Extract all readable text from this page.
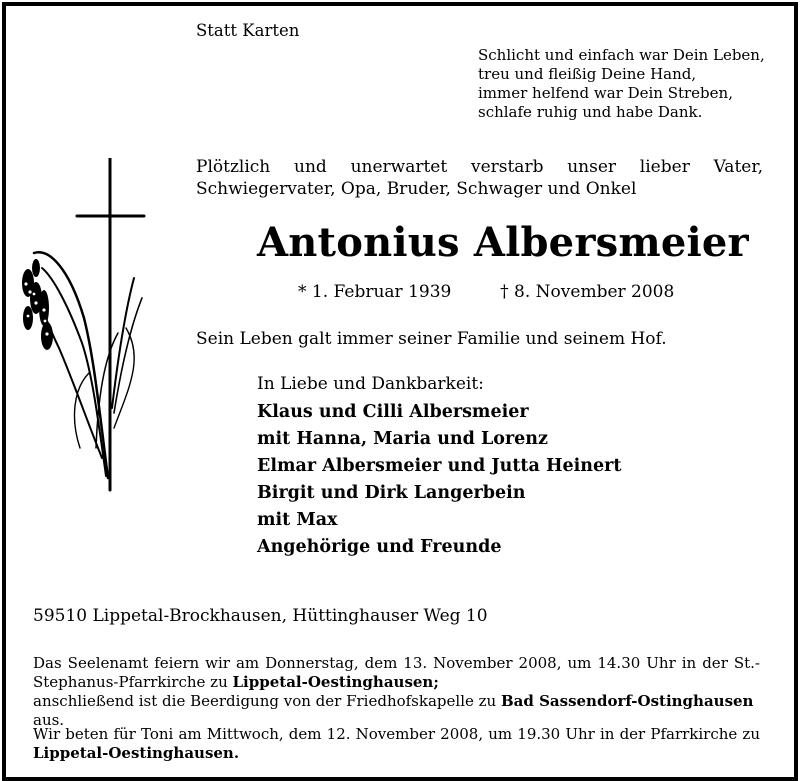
Statt Karten
Schlicht und einfach war Dein Leben,
treu und fleißig Deine Hand,
immer helfend war Dein Streben,
schlafe ruhig und habe Dank.
Plötzlich und unerwartet verstarb unser lieber Vater,
Schwiegervater, Opa, Bruder, Schwager und Onkel
Antonius Albersmeier
* 1. Februar 1939	† 8. November 2008
Sein Leben galt immer seiner Familie und seinem Hof.
In Liebe und Dankbarkeit:
Klaus und Cilli Albersmeier
mit Hanna, Maria und Lorenz
Elmar Albersmeier und Jutta Heinert
Birgit und Dirk Langerbein
mit Max
Angehörige und Freunde
59510 Lippetal-Brockhausen, Hüttinghauser Weg 10
Das Seelenamt feiern wir am Donnerstag, dem 13. November 2008, um 14.30 Uhr in der St.-
Stephanus-Pfarrkirche zu Lippetal-Oestinghausen;
anschließend ist die Beerdigung von der Friedhofskapelle zu Bad Sassendorf-Ostinghausen aus.
Wir beten für Toni am Mittwoch, dem 12. November 2008, um 19.30 Uhr in der Pfarrkirche zu
Lippetal-Oestinghausen.
